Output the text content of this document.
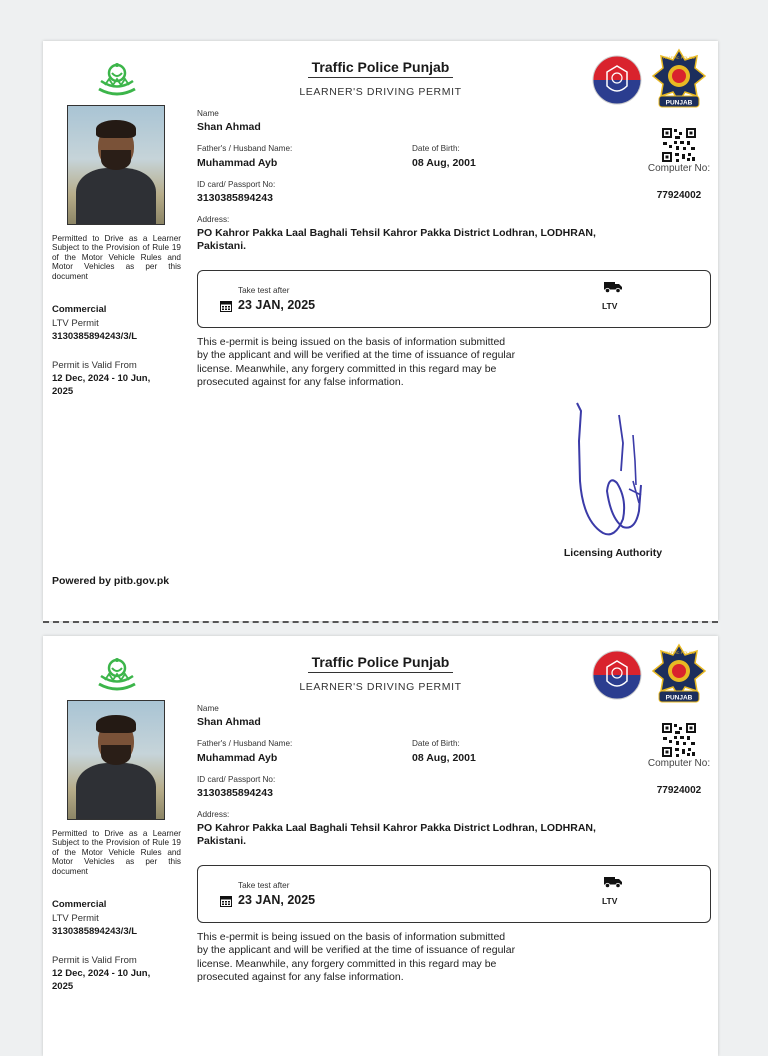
Traffic Police Punjab
LEARNER'S DRIVING PERMIT
PUNJAB
TRAFFIC POLICE
Permitted to Drive as a Learner Subject to the Provision of Rule 19 of the Motor Vehicle Rules and Motor Vehicles as per this document
Commercial
LTV Permit
3130385894243/3/L
Permit is Valid From
12 Dec, 2024 - 10 Jun, 2025
Name
Shan Ahmad
Father's / Husband Name:
Muhammad Ayb
Date of Birth:
08 Aug, 2001
ID card/ Passport No:
3130385894243
Address:
PO Kahror Pakka Laal Baghali Tehsil Kahror Pakka District Lodhran, LODHRAN, Pakistani.
Computer No:
77924002
Take test after
23 JAN, 2025	LTV
This e-permit is being issued on the basis of information submitted by the applicant and will be verified at the time of issuance of regular license. Meanwhile, any forgery committed in this regard may be prosecuted against for any false information.
Licensing Authority
Powered by pitb.gov.pk
Traffic Police Punjab
LEARNER'S DRIVING PERMIT
PUNJAB
TRAFFIC POLICE
Permitted to Drive as a Learner Subject to the Provision of Rule 19 of the Motor Vehicle Rules and Motor Vehicles as per this document
Commercial
LTV Permit
3130385894243/3/L
Permit is Valid From
12 Dec, 2024 - 10 Jun, 2025
Name
Shan Ahmad
Father's / Husband Name:
Muhammad Ayb
Date of Birth:
08 Aug, 2001
ID card/ Passport No:
3130385894243
Address:
PO Kahror Pakka Laal Baghali Tehsil Kahror Pakka District Lodhran, LODHRAN, Pakistani.
Computer No:
77924002
Take test after
23 JAN, 2025	LTV
This e-permit is being issued on the basis of information submitted by the applicant and will be verified at the time of issuance of regular license. Meanwhile, any forgery committed in this regard may be prosecuted against for any false information.
